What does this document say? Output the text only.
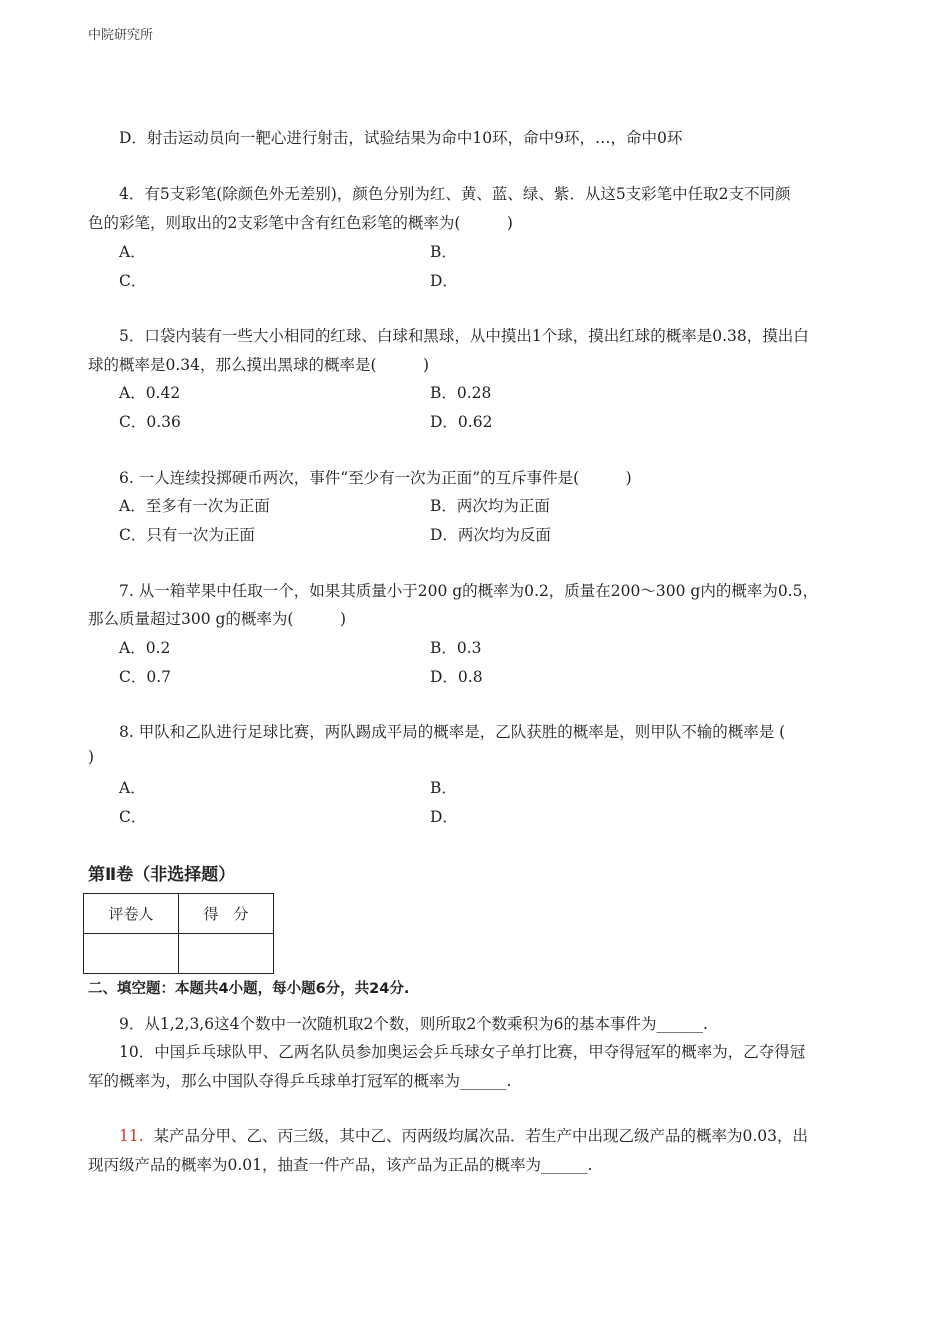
中院研究所
D．射击运动员向一靶心进行射击，试验结果为命中10环，命中9环，…，命中0环
4．有5支彩笔(除颜色外无差别)，颜色分别为红、黄、蓝、绿、紫．从这5支彩笔中任取2支不同颜
色的彩笔，则取出的2支彩笔中含有红色彩笔的概率为(　　　)
A．	B．
C．	D．
5．口袋内装有一些大小相同的红球、白球和黑球，从中摸出1个球，摸出红球的概率是0.38，摸出白
球的概率是0.34，那么摸出黑球的概率是(　　　)
A．0.42	B．0.28
C．0.36	D．0.62
6. 一人连续投掷硬币两次，事件“至少有一次为正面”的互斥事件是(　　　)
A．至多有一次为正面	B．两次均为正面
C．只有一次为正面	D．两次均为反面
7. 从一箱苹果中任取一个，如果其质量小于200 g的概率为0.2，质量在200～300 g内的概率为0.5，
那么质量超过300 g的概率为(　　　)
A．0.2	B．0.3
C．0.7	D．0.8
8. 甲队和乙队进行足球比赛，两队踢成平局的概率是，乙队获胜的概率是，则甲队不输的概率是 (
)
A．	B．
C．	D．
第Ⅱ卷（非选择题）
评卷人	得　分

二、填空题：本题共4小题，每小题6分，共24分.
9．从1,2,3,6这4个数中一次随机取2个数，则所取2个数乘积为6的基本事件为______.
10．中国乒乓球队甲、乙两名队员参加奥运会乒乓球女子单打比赛，甲夺得冠军的概率为，乙夺得冠
军的概率为，那么中国队夺得乒乓球单打冠军的概率为______.
11. 某产品分甲、乙、丙三级，其中乙、丙两级均属次品．若生产中出现乙级产品的概率为0.03，出
现丙级产品的概率为0.01，抽查一件产品，该产品为正品的概率为______.
